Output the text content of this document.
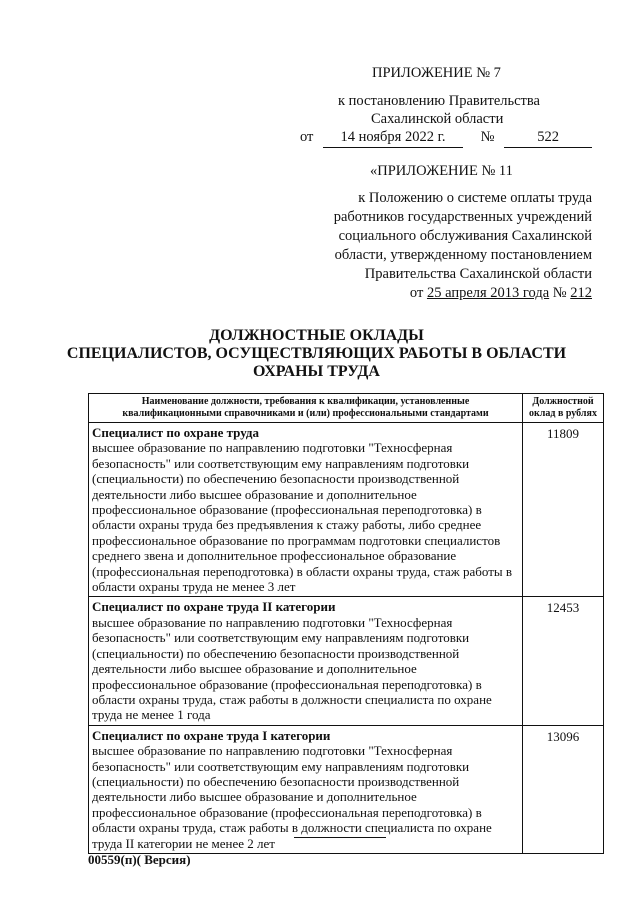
ПРИЛОЖЕНИЕ № 7
к постановлению Правительства
Сахалинской области
от 14 ноября 2022 г. №	522
«ПРИЛОЖЕНИЕ № 11
к Положению о системе оплаты труда
работников государственных учреждений
социального обслуживания Сахалинской
области, утвержденному постановлением
Правительства Сахалинской области
от 25 апреля 2013 года № 212
ДОЛЖНОСТНЫЕ ОКЛАДЫ
СПЕЦИАЛИСТОВ, ОСУЩЕСТВЛЯЮЩИХ РАБОТЫ В ОБЛАСТИ
ОХРАНЫ ТРУДА
Наименование должности, требования к квалификации, установленные квалификационными справочниками и (или) профессиональными стандартами	Должностной оклад в рублях

Специалист по охране труда
высшее образование по направлению подготовки "Техносферная безопасность" или соответствующим ему направлениям подготовки (специальности) по обеспечению безопасности производственной деятельности либо высшее образование и дополнительное профессиональное образование (профессиональная переподготовка) в области охраны труда без предъявления к стажу работы, либо среднее профессиональное образование по программам подготовки специалистов среднего звена и дополнительное профессиональное образование (профессиональная переподготовка) в области охраны труда, стаж работы в области охраны труда не менее 3 лет	11809

Специалист по охране труда II категории
высшее образование по направлению подготовки "Техносферная безопасность" или соответствующим ему направлениям подготовки (специальности) по обеспечению безопасности производственной деятельности либо высшее образование и дополнительное профессиональное образование (профессиональная переподготовка) в области охраны труда, стаж работы в должности специалиста по охране труда не менее 1 года	12453

Специалист по охране труда I категории
высшее образование по направлению подготовки "Техносферная безопасность" или соответствующим ему направлениям подготовки (специальности) по обеспечению безопасности производственной деятельности либо высшее образование и дополнительное профессиональное образование (профессиональная переподготовка) в области охраны труда, стаж работы в должности специалиста по охране труда II категории не менее 2 лет	13096
00559(п)( Версия)
